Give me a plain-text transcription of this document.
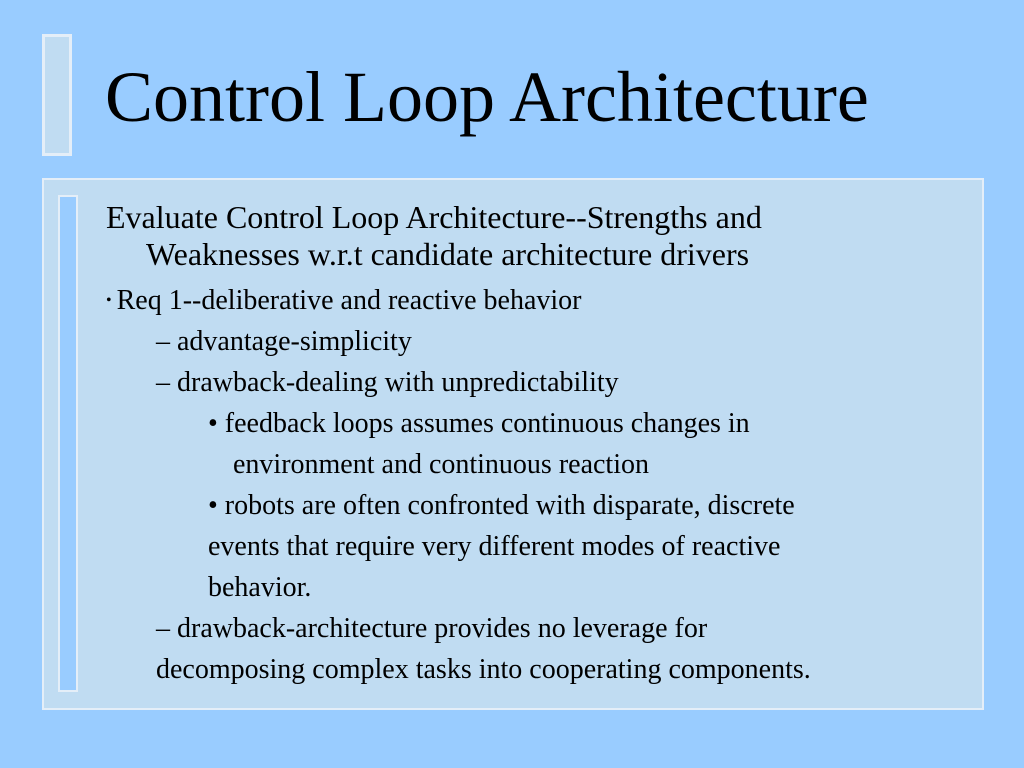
Control Loop Architecture

Evaluate Control Loop Architecture--Strengths and
Weaknesses w.r.t candidate architecture drivers

• Req 1--deliberative and reactive behavior

– advantage-simplicity

– drawback-dealing with unpredictability

• feedback loops assumes continuous changes in

environment and continuous reaction

• robots are often confronted with disparate, discrete

events that require very different modes of reactive

behavior.

– drawback-architecture provides no leverage for

decomposing complex tasks into cooperating components.
